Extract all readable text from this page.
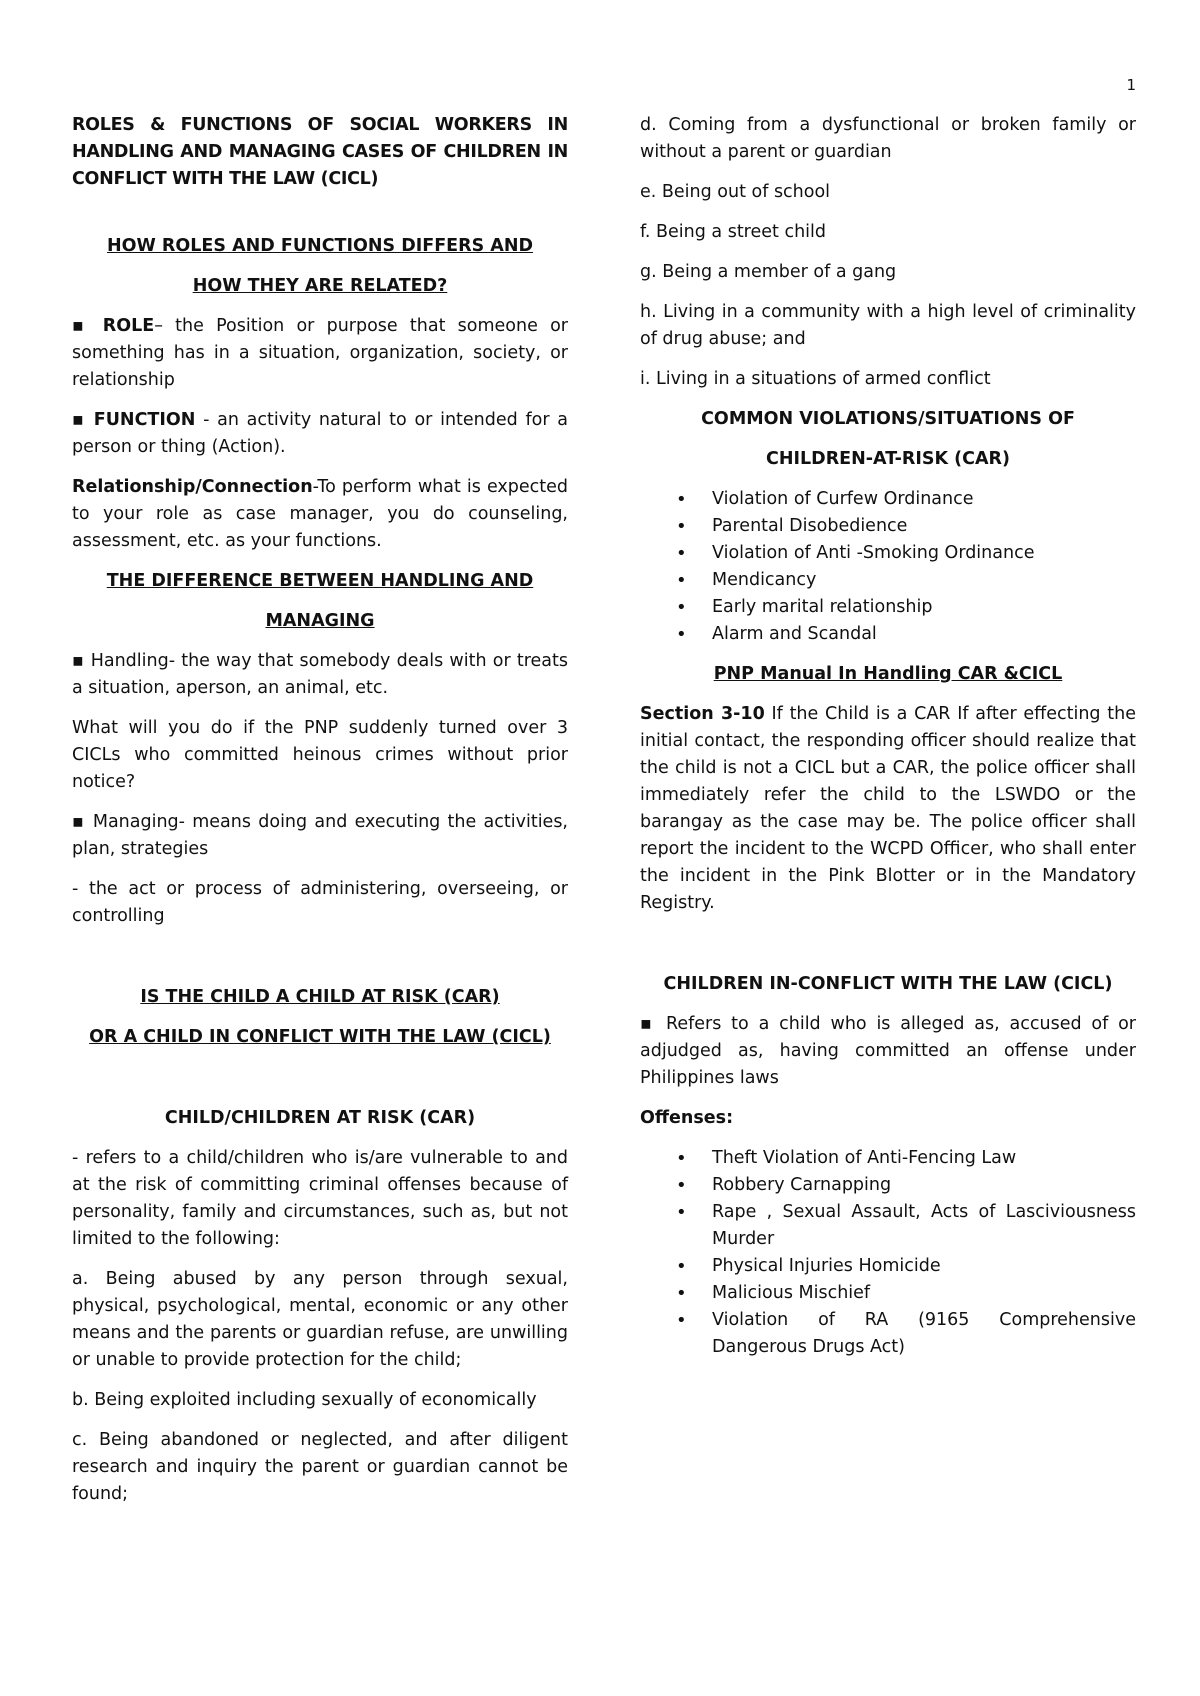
1

ROLES & FUNCTIONS OF SOCIAL WORKERS IN HANDLING AND MANAGING CASES OF CHILDREN IN CONFLICT WITH THE LAW (CICL)

HOW ROLES AND FUNCTIONS DIFFERS AND

HOW THEY ARE RELATED?

▪ ROLE– the Position or purpose that someone or something has in a situation, organization, society, or relationship

▪ FUNCTION - an activity natural to or intended for a person or thing (Action).

Relationship/Connection-To perform what is expected to your role as case manager, you do counseling, assessment, etc. as your functions.

THE DIFFERENCE BETWEEN HANDLING AND

MANAGING

▪ Handling- the way that somebody deals with or treats a situation, aperson, an animal, etc.

What will you do if the PNP suddenly turned over 3 CICLs who committed heinous crimes without prior notice?

▪ Managing- means doing and executing the activities, plan, strategies

- the act or process of administering, overseeing, or controlling

IS THE CHILD A CHILD AT RISK (CAR)

OR A CHILD IN CONFLICT WITH THE LAW (CICL)

CHILD/CHILDREN AT RISK (CAR)

- refers to a child/children who is/are vulnerable to and at the risk of committing criminal offenses because of personality, family and circumstances, such as, but not limited to the following:

a. Being abused by any person through sexual, physical, psychological, mental, economic or any other means and the parents or guardian refuse, are unwilling or unable to provide protection for the child;

b. Being exploited including sexually of economically

c. Being abandoned or neglected, and after diligent research and inquiry the parent or guardian cannot be found;

d. Coming from a dysfunctional or broken family or without a parent or guardian

e. Being out of school

f. Being a street child

g. Being a member of a gang

h. Living in a community with a high level of criminality of drug abuse; and

i. Living in a situations of armed conflict

COMMON VIOLATIONS/SITUATIONS OF

CHILDREN-AT-RISK (CAR)

• Violation of Curfew Ordinance
• Parental Disobedience
• Violation of Anti -Smoking Ordinance
• Mendicancy
• Early marital relationship
• Alarm and Scandal

PNP Manual In Handling CAR &CICL

Section 3-10 If the Child is a CAR If after effecting the initial contact, the responding officer should realize that the child is not a CICL but a CAR, the police officer shall immediately refer the child to the LSWDO or the barangay as the case may be. The police officer shall report the incident to the WCPD Officer, who shall enter the incident in the Pink Blotter or in the Mandatory Registry.

CHILDREN IN-CONFLICT WITH THE LAW (CICL)

▪ Refers to a child who is alleged as, accused of or adjudged as, having committed an offense under Philippines laws

Offenses:

• Theft Violation of Anti-Fencing Law
• Robbery Carnapping
• Rape , Sexual Assault, Acts of Lasciviousness Murder
• Physical Injuries Homicide
• Malicious Mischief
• Violation of RA (9165 Comprehensive Dangerous Drugs Act)
